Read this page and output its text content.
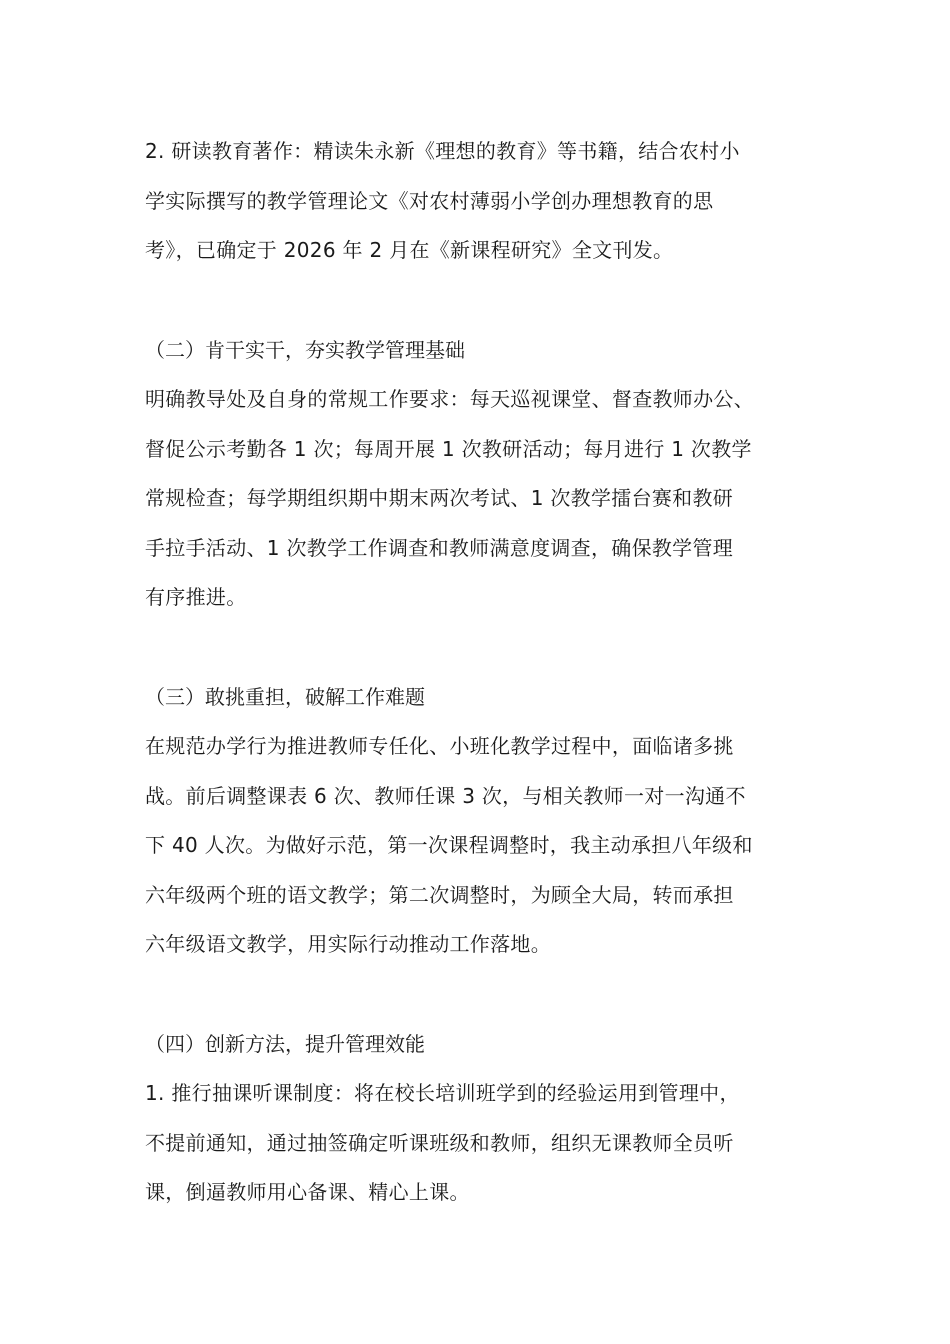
2. 研读教育著作：精读朱永新《理想的教育》等书籍，结合农村小
学实际撰写的教学管理论文《对农村薄弱小学创办理想教育的思
考》，已确定于 2026 年 2 月在《新课程研究》全文刊发。
（二）肯干实干，夯实教学管理基础
明确教导处及自身的常规工作要求：每天巡视课堂、督查教师办公、
督促公示考勤各 1 次；每周开展 1 次教研活动；每月进行 1 次教学
常规检查；每学期组织期中期末两次考试、1 次教学擂台赛和教研
手拉手活动、1 次教学工作调查和教师满意度调查，确保教学管理
有序推进。
（三）敢挑重担，破解工作难题
在规范办学行为推进教师专任化、小班化教学过程中，面临诸多挑
战。前后调整课表 6 次、教师任课 3 次，与相关教师一对一沟通不
下 40 人次。为做好示范，第一次课程调整时，我主动承担八年级和
六年级两个班的语文教学；第二次调整时，为顾全大局，转而承担
六年级语文教学，用实际行动推动工作落地。
（四）创新方法，提升管理效能
1. 推行抽课听课制度：将在校长培训班学到的经验运用到管理中，
不提前通知，通过抽签确定听课班级和教师，组织无课教师全员听
课，倒逼教师用心备课、精心上课。
